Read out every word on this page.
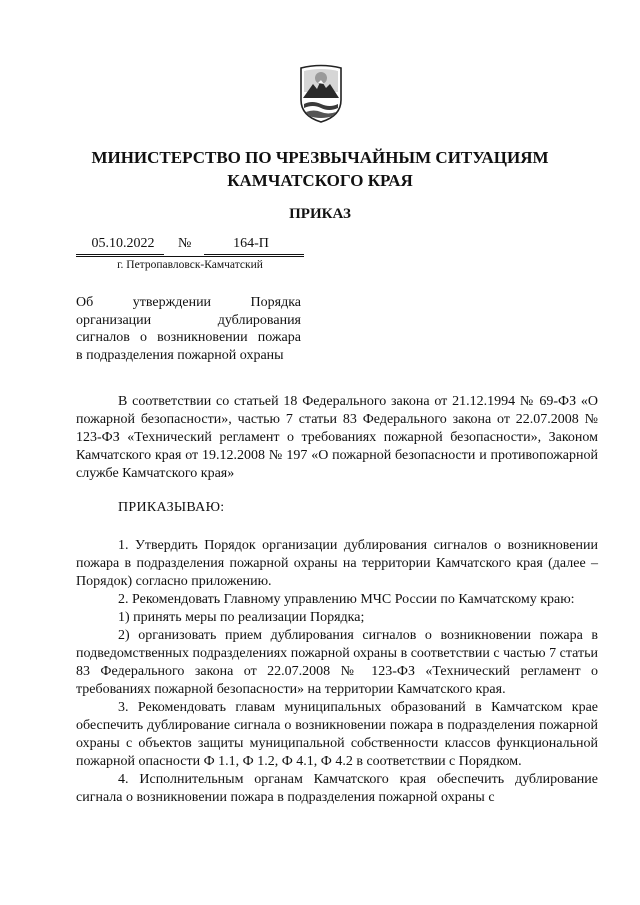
МИНИСТЕРСТВО ПО ЧРЕЗВЫЧАЙНЫМ СИТУАЦИЯМ
КАМЧАТСКОГО КРАЯ
ПРИКАЗ
05.10.2022 №	164-П
г. Петропавловск-Камчатский

Об утверждении Порядка

организации дублирования

сигналов о возникновении пожара

в подразделения пожарной охраны

В соответствии со статьей 18 Федерального закона от 21.12.1994 № 69-ФЗ «О пожарной безопасности», частью 7 статьи 83 Федерального закона от 22.07.2008 № 123-ФЗ «Технический регламент о требованиях пожарной безопасности», Законом Камчатского края от 19.12.2008 № 197 «О пожарной безопасности и противопожарной службе Камчатского края»

ПРИКАЗЫВАЮ:

1. Утвердить Порядок организации дублирования сигналов о возникновении пожара в подразделения пожарной охраны на территории Камчатского края (далее – Порядок) согласно приложению.

2. Рекомендовать Главному управлению МЧС России по Камчатскому краю:

1) принять меры по реализации Порядка;

2) организовать прием дублирования сигналов о возникновении пожара в подведомственных подразделениях пожарной охраны в соответствии с частью 7 статьи 83 Федерального закона от 22.07.2008 № 123-ФЗ «Технический регламент о требованиях пожарной безопасности» на территории Камчатского края.

3. Рекомендовать главам муниципальных образований в Камчатском крае обеспечить дублирование сигнала о возникновении пожара в подразделения пожарной охраны с объектов защиты муниципальной собственности классов функциональной пожарной опасности Ф 1.1, Ф 1.2, Ф 4.1, Ф 4.2 в соответствии с Порядком.

4. Исполнительным органам Камчатского края обеспечить дублирование сигнала о возникновении пожара в подразделения пожарной охраны с
